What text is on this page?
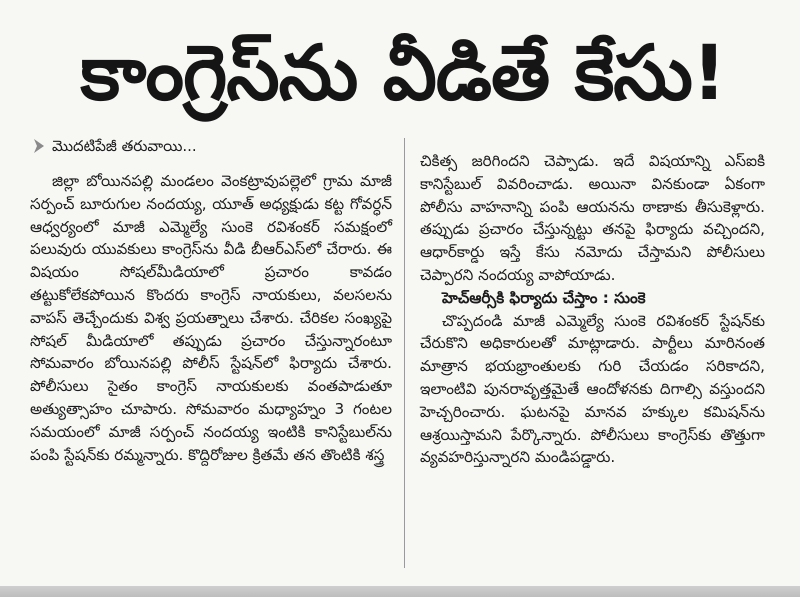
కాంగ్రెస్‌ను వీడితే కేసు!
మొదటిపేజీ తరువాయి...

జిల్లా బోయినపల్లి మండలం వెంకట్రావుపల్లెలో గ్రామ మాజీ సర్పంచ్ బూరుగుల నందయ్య, యూత్ అధ్యక్షుడు కట్ట గోవర్ధన్ ఆధ్వర్యంలో మాజీ ఎమ్మెల్యే సుంకె రవిశంకర్ సమక్షంలో పలువురు యువకులు కాంగ్రెస్‌ను వీడి బీఆర్ఎస్‌లో చేరారు. ఈ విషయం సోషల్‌మీడియాలో ప్రచారం కావడం తట్టుకోలేకపోయిన కొందరు కాంగ్రెస్ నాయకులు, వలసలను వాపస్ తెచ్చేందుకు విశ్వ ప్రయత్నాలు చేశారు. చేరికల సంఖ్యపై సోషల్ మీడియాలో తప్పుడు ప్రచారం చేస్తున్నారంటూ సోమవారం బోయినపల్లి పోలీస్ స్టేషన్‌లో ఫిర్యాదు చేశారు. పోలీసులు సైతం కాంగ్రెస్ నాయకులకు వంతపాడుతూ అత్యుత్సాహం చూపారు. సోమవారం మధ్యాహ్నం 3 గంటల సమయంలో మాజీ సర్పంచ్ నందయ్య ఇంటికి కానిస్టేబుల్‌ను పంపి స్టేషన్‌కు రమ్మన్నారు. కొద్దిరోజుల క్రితమే తన తొంటికి శస్త్ర

చికిత్స జరిగిందని చెప్పాడు. ఇదే విషయాన్ని ఎస్ఐకి కానిస్టేబుల్ వివరించాడు. అయినా వినకుండా ఏకంగా పోలీసు వాహనాన్ని పంపి ఆయనను ఠాణాకు తీసుకెళ్లారు. తప్పుడు ప్రచారం చేస్తున్నట్టు తనపై ఫిర్యాదు వచ్చిందని, ఆధార్‌కార్డు ఇస్తే కేసు నమోదు చేస్తామని పోలీసులు చెప్పారని నందయ్య వాపోయాడు.

హెచ్ఆర్సీకి ఫిర్యాదు చేస్తాం : సుంకె

చొప్పదండి మాజీ ఎమ్మెల్యే సుంకె రవిశంకర్ స్టేషన్‌కు చేరుకొని అధికారులతో మాట్లాడారు. పార్టీలు మారినంత మాత్రాన భయభ్రాంతులకు గురి చేయడం సరికాదని, ఇలాంటివి పునరావృత్తమైతే ఆందోళనకు దిగాల్సి వస్తుందని హెచ్చరించారు. ఘటనపై మానవ హక్కుల కమిషన్‌ను ఆశ్రయిస్తామని పేర్కొన్నారు. పోలీసులు కాంగ్రెస్‌కు తొత్తుగా వ్యవహరిస్తున్నారని మండిపడ్డారు.
